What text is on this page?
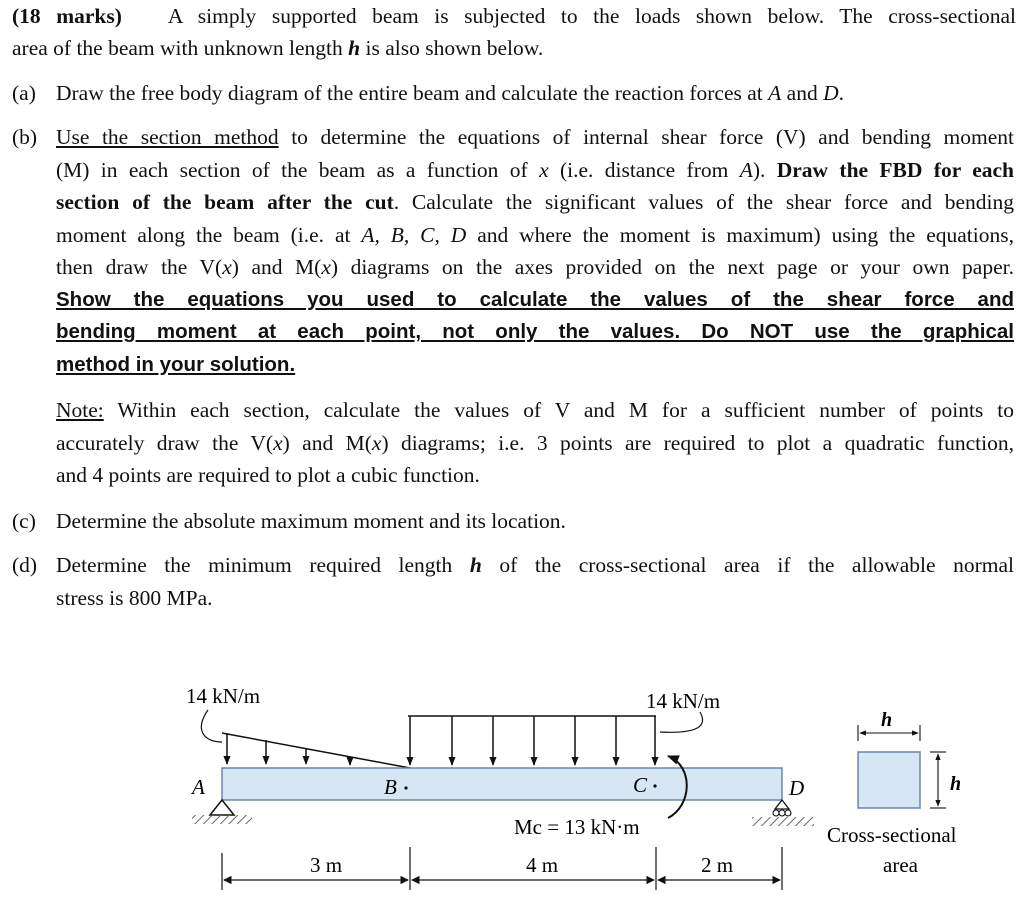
(18 marks) A simply supported beam is subjected to the loads shown below. The cross-sectional
area of the beam with unknown length h is also shown below.
(a) Draw the free body diagram of the entire beam and calculate the reaction forces at A and D.
(b) Use the section method to determine the equations of internal shear force (V) and bending moment
(M) in each section of the beam as a function of x (i.e. distance from A). Draw the FBD for each
section of the beam after the cut. Calculate the significant values of the shear force and bending
moment along the beam (i.e. at A, B, C, D and where the moment is maximum) using the equations,
then draw the V(x) and M(x) diagrams on the axes provided on the next page or your own paper.
Show the equations you used to calculate the values of the shear force and
bending moment at each point, not only the values. Do NOT use the graphical
method in your solution.
Note: Within each section, calculate the values of V and M for a sufficient number of points to
accurately draw the V(x) and M(x) diagrams; i.e. 3 points are required to plot a quadratic function,
and 4 points are required to plot a cubic function.
(c) Determine the absolute maximum moment and its location.
(d) Determine the minimum required length h of the cross-sectional area if the allowable normal
stress is 800 MPa.
14 kN/m	14 kN/m
A	B	C	D
Mc = 13 kN·m
3 m	4 m	2 m
h
h
Cross-sectional
area
